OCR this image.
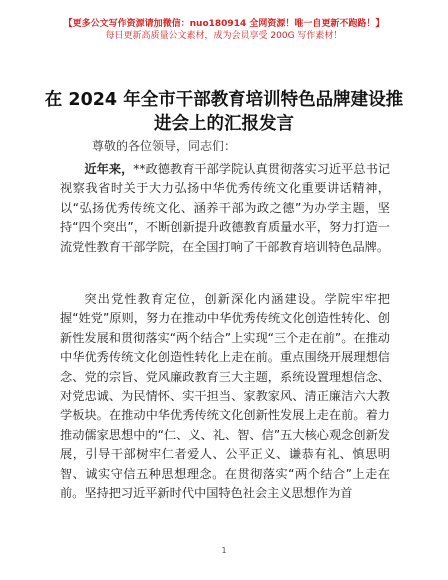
【更多公文写作资源请加微信：nuo180914 全网资源！唯一自更新不跑路！】
每日更新高质量公文素材，成为会员享受 200G 写作素材！
在 2024 年全市干部教育培训特色品牌建设推进会上的汇报发言
尊敬的各位领导，同志们：
近年来，**政德教育干部学院认真贯彻落实习近平总书记视察我省时关于大力弘扬中华优秀传统文化重要讲话精神，以“弘扬优秀传统文化、涵养干部为政之德”为办学主题，坚持“四个突出”，不断创新提升政德教育质量水平，努力打造一流党性教育干部学院，在全国打响了干部教育培训特色品牌。
突出党性教育定位，创新深化内涵建设。学院牢牢把握“姓党”原则，努力在推动中华优秀传统文化创造性转化、创新性发展和贯彻落实“两个结合”上实现“三个走在前”。在推动中华优秀传统文化创造性转化上走在前。重点围绕开展理想信念、党的宗旨、党风廉政教育三大主题，系统设置理想信念、对党忠诚、为民情怀、实干担当、家教家风、清正廉洁六大教学板块。在推动中华优秀传统文化创新性发展上走在前。着力推动儒家思想中的“仁、义、礼、智、信”五大核心观念创新发展，引导干部树牢仁者爱人、公平正义、谦恭有礼、慎思明智、诚实守信五种思想理念。在贯彻落实“两个结合”上走在前。坚持把习近平新时代中国特色社会主义思想作为首
1
